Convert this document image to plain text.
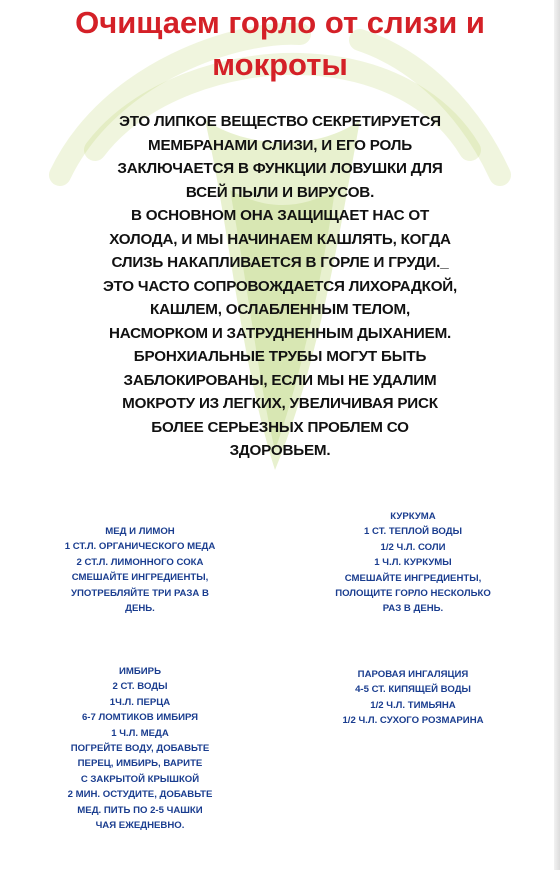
Очищаем горло от слизи и
мокроты
ЭТО ЛИПКОЕ ВЕЩЕСТВО СЕКРЕТИРУЕТСЯ
МЕМБРАНАМИ СЛИЗИ, И ЕГО РОЛЬ
ЗАКЛЮЧАЕТСЯ В ФУНКЦИИ ЛОВУШКИ ДЛЯ
ВСЕЙ ПЫЛИ И ВИРУСОВ.
В ОСНОВНОМ ОНА ЗАЩИЩАЕТ НАС ОТ
ХОЛОДА, И МЫ НАЧИНАЕМ КАШЛЯТЬ, КОГДА
СЛИЗЬ НАКАПЛИВАЕТСЯ В ГОРЛЕ И ГРУДИ._
ЭТО ЧАСТО СОПРОВОЖДАЕТСЯ ЛИХОРАДКОЙ,
КАШЛЕМ, ОСЛАБЛЕННЫМ ТЕЛОМ,
НАСМОРКОМ И ЗАТРУДНЕННЫМ ДЫХАНИЕМ.
БРОНХИАЛЬНЫЕ ТРУБЫ МОГУТ БЫТЬ
ЗАБЛОКИРОВАНЫ, ЕСЛИ МЫ НЕ УДАЛИМ
МОКРОТУ ИЗ ЛЕГКИХ, УВЕЛИЧИВАЯ РИСК
БОЛЕЕ СЕРЬЕЗНЫХ ПРОБЛЕМ СО
ЗДОРОВЬЕМ.
МЕД И ЛИМОН
1 СТ.Л. ОРГАНИЧЕСКОГО МЕДА
2 СТ.Л. ЛИМОННОГО СОКА
СМЕШАЙТЕ ИНГРЕДИЕНТЫ,
УПОТРЕБЛЯЙТЕ ТРИ РАЗА В
ДЕНЬ.
КУРКУМА
1 СТ. ТЕПЛОЙ ВОДЫ
1/2 Ч.Л. СОЛИ
1 Ч.Л. КУРКУМЫ
СМЕШАЙТЕ ИНГРЕДИЕНТЫ,
ПОЛОЩИТЕ ГОРЛО НЕСКОЛЬКО
РАЗ В ДЕНЬ.
ИМБИРЬ
2 СТ. ВОДЫ
1Ч.Л. ПЕРЦА
6-7 ЛОМТИКОВ ИМБИРЯ
1 Ч.Л. МЕДА
ПОГРЕЙТЕ ВОДУ, ДОБАВЬТЕ
ПЕРЕЦ, ИМБИРЬ, ВАРИТЕ
С ЗАКРЫТОЙ КРЫШКОЙ
2 МИН. ОСТУДИТЕ, ДОБАВЬТЕ
МЕД. ПИТЬ ПО 2-5 ЧАШКИ
ЧАЯ ЕЖЕДНЕВНО.
ПАРОВАЯ ИНГАЛЯЦИЯ
4-5 СТ. КИПЯЩЕЙ ВОДЫ
1/2 Ч.Л. ТИМЬЯНА
1/2 Ч.Л. СУХОГО РОЗМАРИНА
